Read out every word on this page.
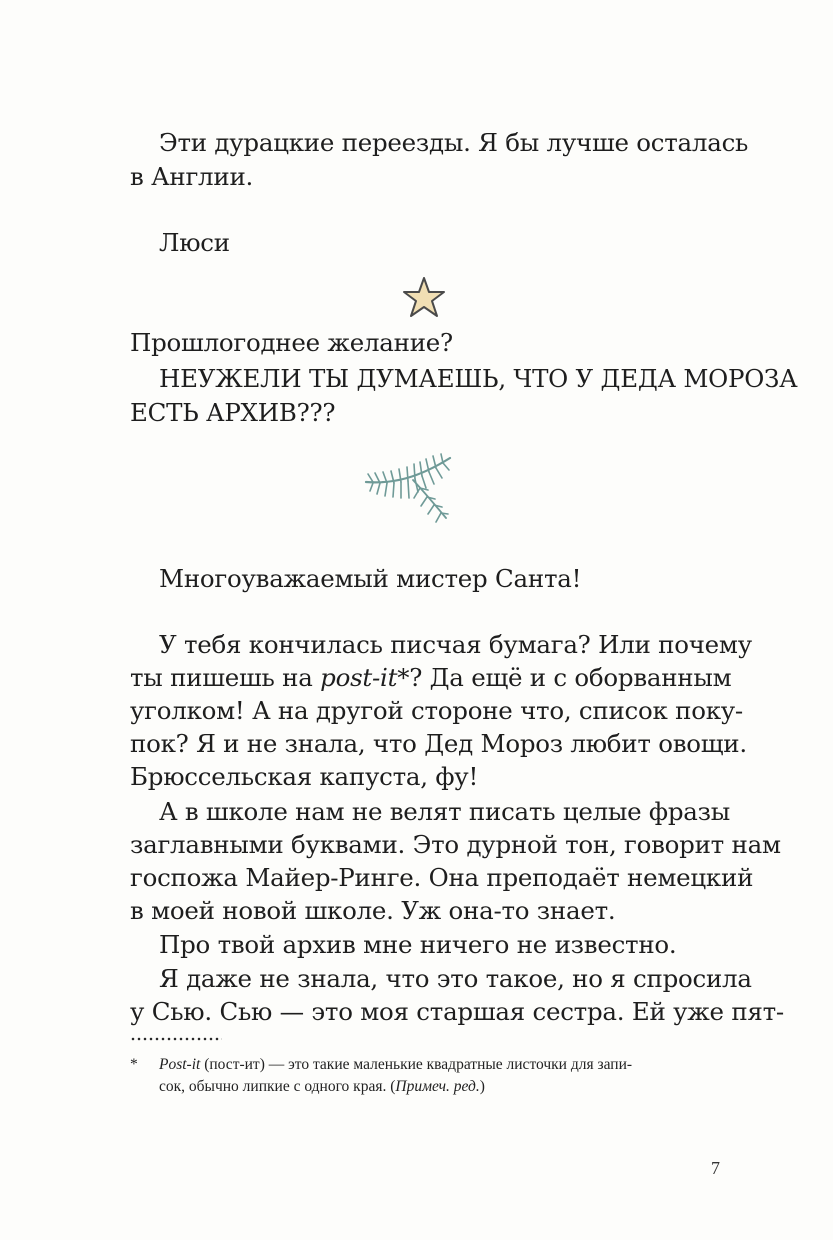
Эти дурацкие переезды. Я бы лучше осталась
в Англии.
Люси
Прошлогоднее желание?
НЕУЖЕЛИ ТЫ ДУМАЕШЬ, ЧТО У ДЕДА МОРОЗА
ЕСТЬ АРХИВ???
Многоуважаемый мистер Санта!
У тебя кончилась писчая бумага? Или почему
ты пишешь на post-it*? Да ещё и с оборванным
уголком! А на другой стороне что, список поку-
пок? Я и не знала, что Дед Мороз любит овощи.
Брюссельская капуста, фу!
А в школе нам не велят писать целые фразы
заглавными буквами. Это дурной тон, говорит нам
госпожа Майер-Ринге. Она преподаёт немецкий
в моей новой школе. Уж она-то знает.
Про твой архив мне ничего не известно.
Я даже не знала, что это такое, но я спросила
у Сью. Сью — это моя старшая сестра. Ей уже пят-
* Post-it (пост-ит) — это такие маленькие квадратные листочки для запи-
сок, обычно липкие с одного края. (Примеч. ред.)
7
